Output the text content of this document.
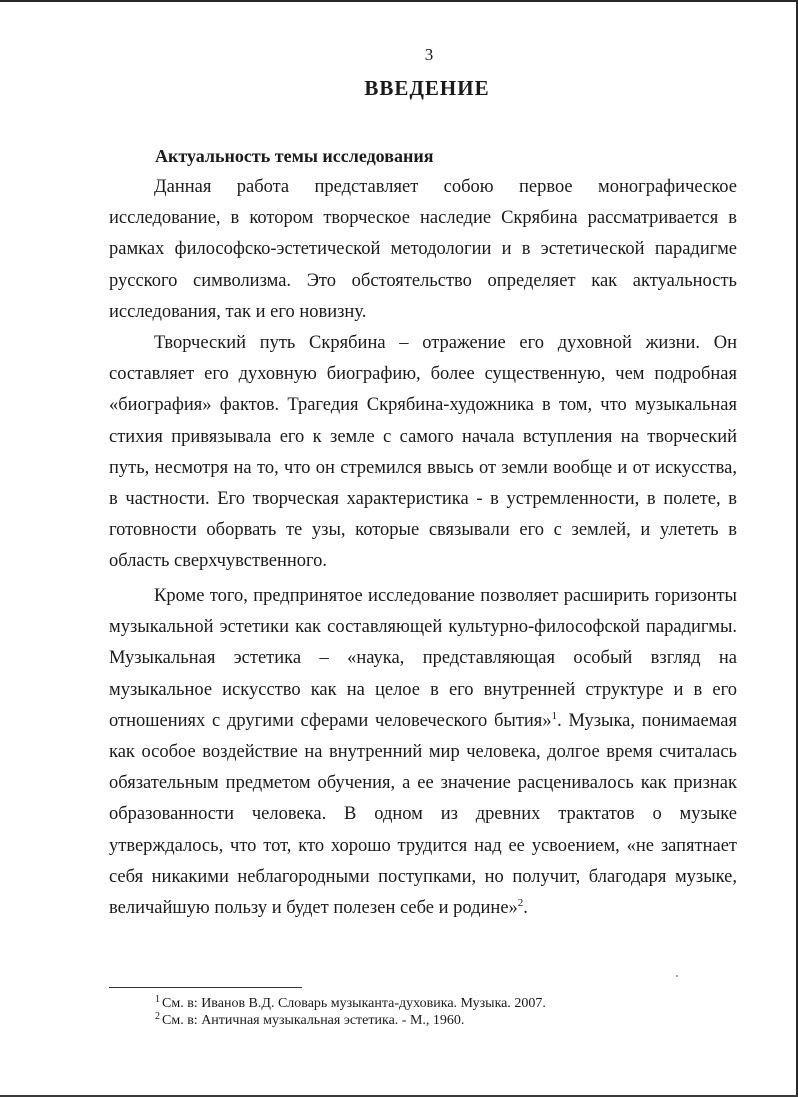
3
ВВЕДЕНИЕ
Актуальность темы исследования

Данная работа представляет собою первое монографическое исследование, в котором творческое наследие Скрябина рассматривается в рамках философско-эстетической методологии и в эстетической парадигме русского символизма. Это обстоятельство определяет как актуальность исследования, так и его новизну.

Творческий путь Скрябина – отражение его духовной жизни. Он составляет его духовную биографию, более существенную, чем подробная «биография» фактов. Трагедия Скрябина-художника в том, что музыкальная стихия привязывала его к земле с самого начала вступления на творческий путь, несмотря на то, что он стремился ввысь от земли вообще и от искусства, в частности. Его творческая характеристика - в устремленности, в полете, в готовности оборвать те узы, которые связывали его с землей, и улететь в область сверхчувственного.

Кроме того, предпринятое исследование позволяет расширить горизонты музыкальной эстетики как составляющей культурно-философской парадигмы. Музыкальная эстетика – «наука, представляющая особый взгляд на музыкальное искусство как на целое в его внутренней структуре и в его отношениях с другими сферами человеческого бытия»$^1$. Музыка, понимаемая как особое воздействие на внутренний мир человека, долгое время считалась обязательным предметом обучения, а ее значение расценивалось как признак образованности человека. В одном из древних трактатов о музыке утверждалось, что тот, кто хорошо трудится над ее усвоением, «не запятнает себя никакими неблагородными поступками, но получит, благодаря музыке, величайшую пользу и будет полезен себе и родине»$^2$.

$^1$ См. в: Иванов В.Д. Словарь музыканта-духовика. Музыка. 2007.
$^2$ См. в: Античная музыкальная эстетика. - М., 1960.
